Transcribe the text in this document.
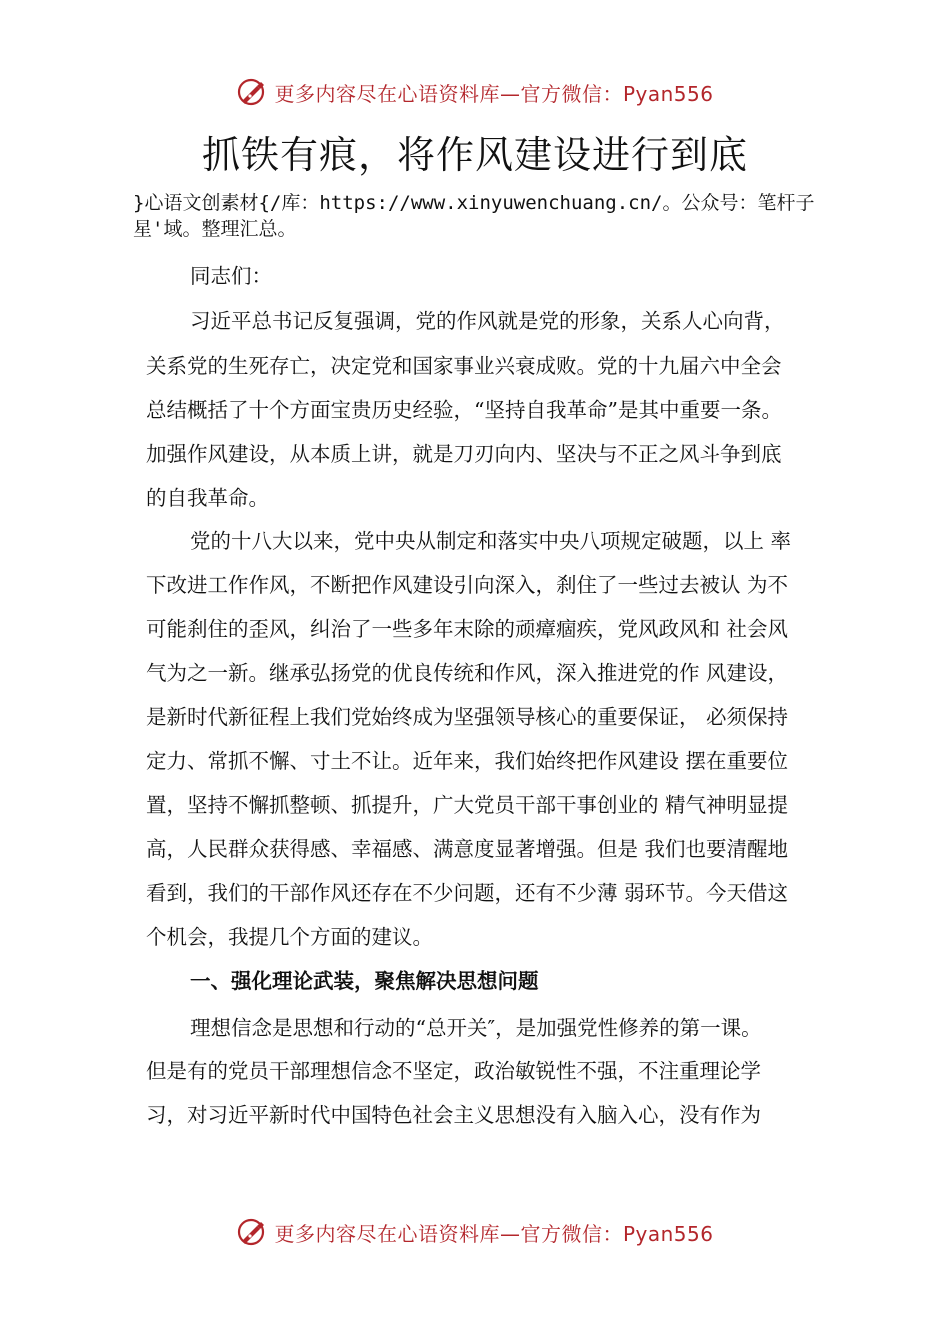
更多内容尽在心语资料库—官方微信：Pyan556
抓铁有痕，将作风建设进行到底
}心语文创素材{/库：https://www.xinyuwenchuang.cn/。公众号：笔杆子星'域。整理汇总。
同志们：
习近平总书记反复强调，党的作风就是党的形象，关系人心向背，
关系党的生死存亡，决定党和国家事业兴衰成败。党的十九届六中全会
总结概括了十个方面宝贵历史经验，“坚持自我革命”是其中重要一条。
加强作风建设，从本质上讲，就是刀刃向内、坚决与不正之风斗争到底
的自我革命。
党的十八大以来，党中央从制定和落实中央八项规定破题，以上 率
下改进工作作风，不断把作风建设引向深入，刹住了一些过去被认 为不
可能刹住的歪风，纠治了一些多年末除的顽瘴痼疾，党风政风和 社会风
气为之一新。继承弘扬党的优良传统和作风，深入推进党的作 风建设，
是新时代新征程上我们党始终成为坚强领导核心的重要保证， 必须保持
定力、常抓不懈、寸土不让。近年来，我们始终把作风建设 摆在重要位
置，坚持不懈抓整顿、抓提升，广大党员干部干事创业的 精气神明显提
高，人民群众获得感、幸福感、满意度显著增强。但是 我们也要清醒地
看到，我们的干部作风还存在不少问题，还有不少薄 弱环节。今天借这
个机会，我提几个方面的建议。
一、强化理论武装，聚焦解决思想问题
理想信念是思想和行动的“总开关″，是加强党性修养的第一课。
但是有的党员干部理想信念不坚定，政治敏锐性不强，不注重理论学
习，对习近平新时代中国特色社会主义思想没有入脑入心，没有作为
更多内容尽在心语资料库—官方微信：Pyan556
